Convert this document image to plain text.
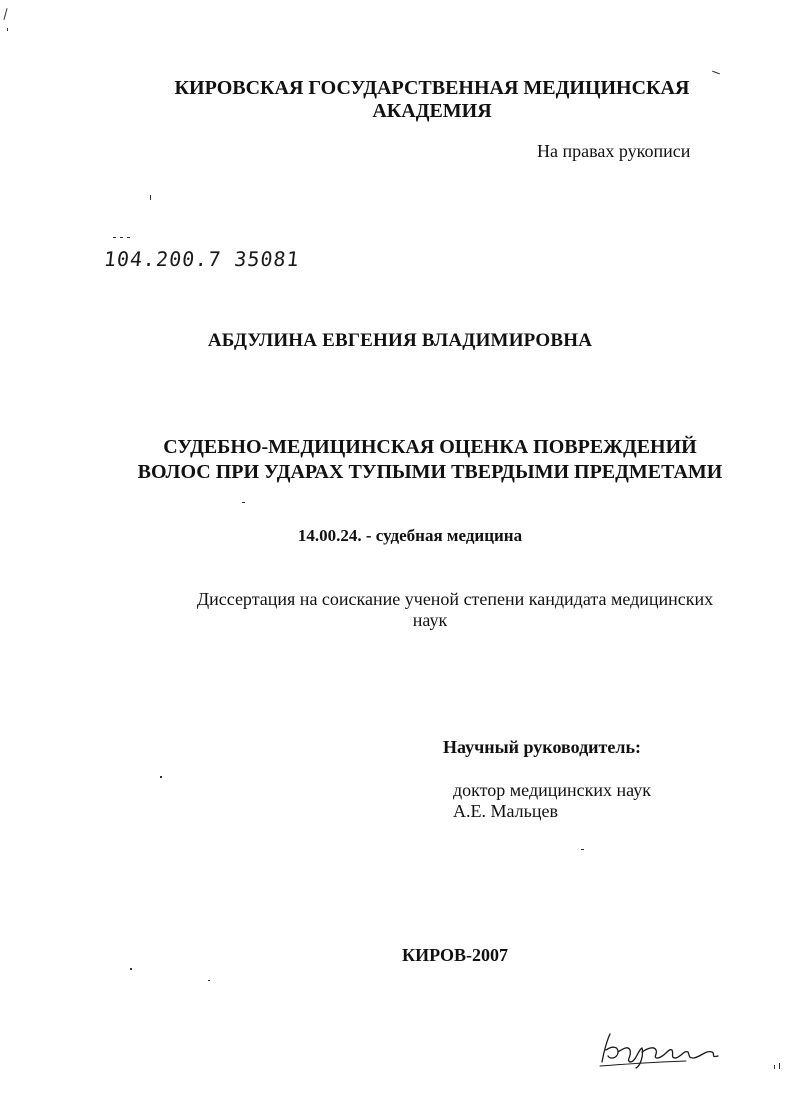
КИРОВСКАЯ ГОСУДАРСТВЕННАЯ МЕДИЦИНСКАЯ
АКАДЕМИЯ
На правах рукописи
104.200.7 35081
АБДУЛИНА ЕВГЕНИЯ ВЛАДИМИРОВНА
СУДЕБНО-МЕДИЦИНСКАЯ ОЦЕНКА ПОВРЕЖДЕНИЙ
ВОЛОС ПРИ УДАРАХ ТУПЫМИ ТВЕРДЫМИ ПРЕДМЕТАМИ
14.00.24. - судебная медицина
Диссертация на соискание ученой степени кандидата медицинских
наук
Научный руководитель:
доктор медицинских наук
А.Е. Мальцев
КИРОВ-2007
